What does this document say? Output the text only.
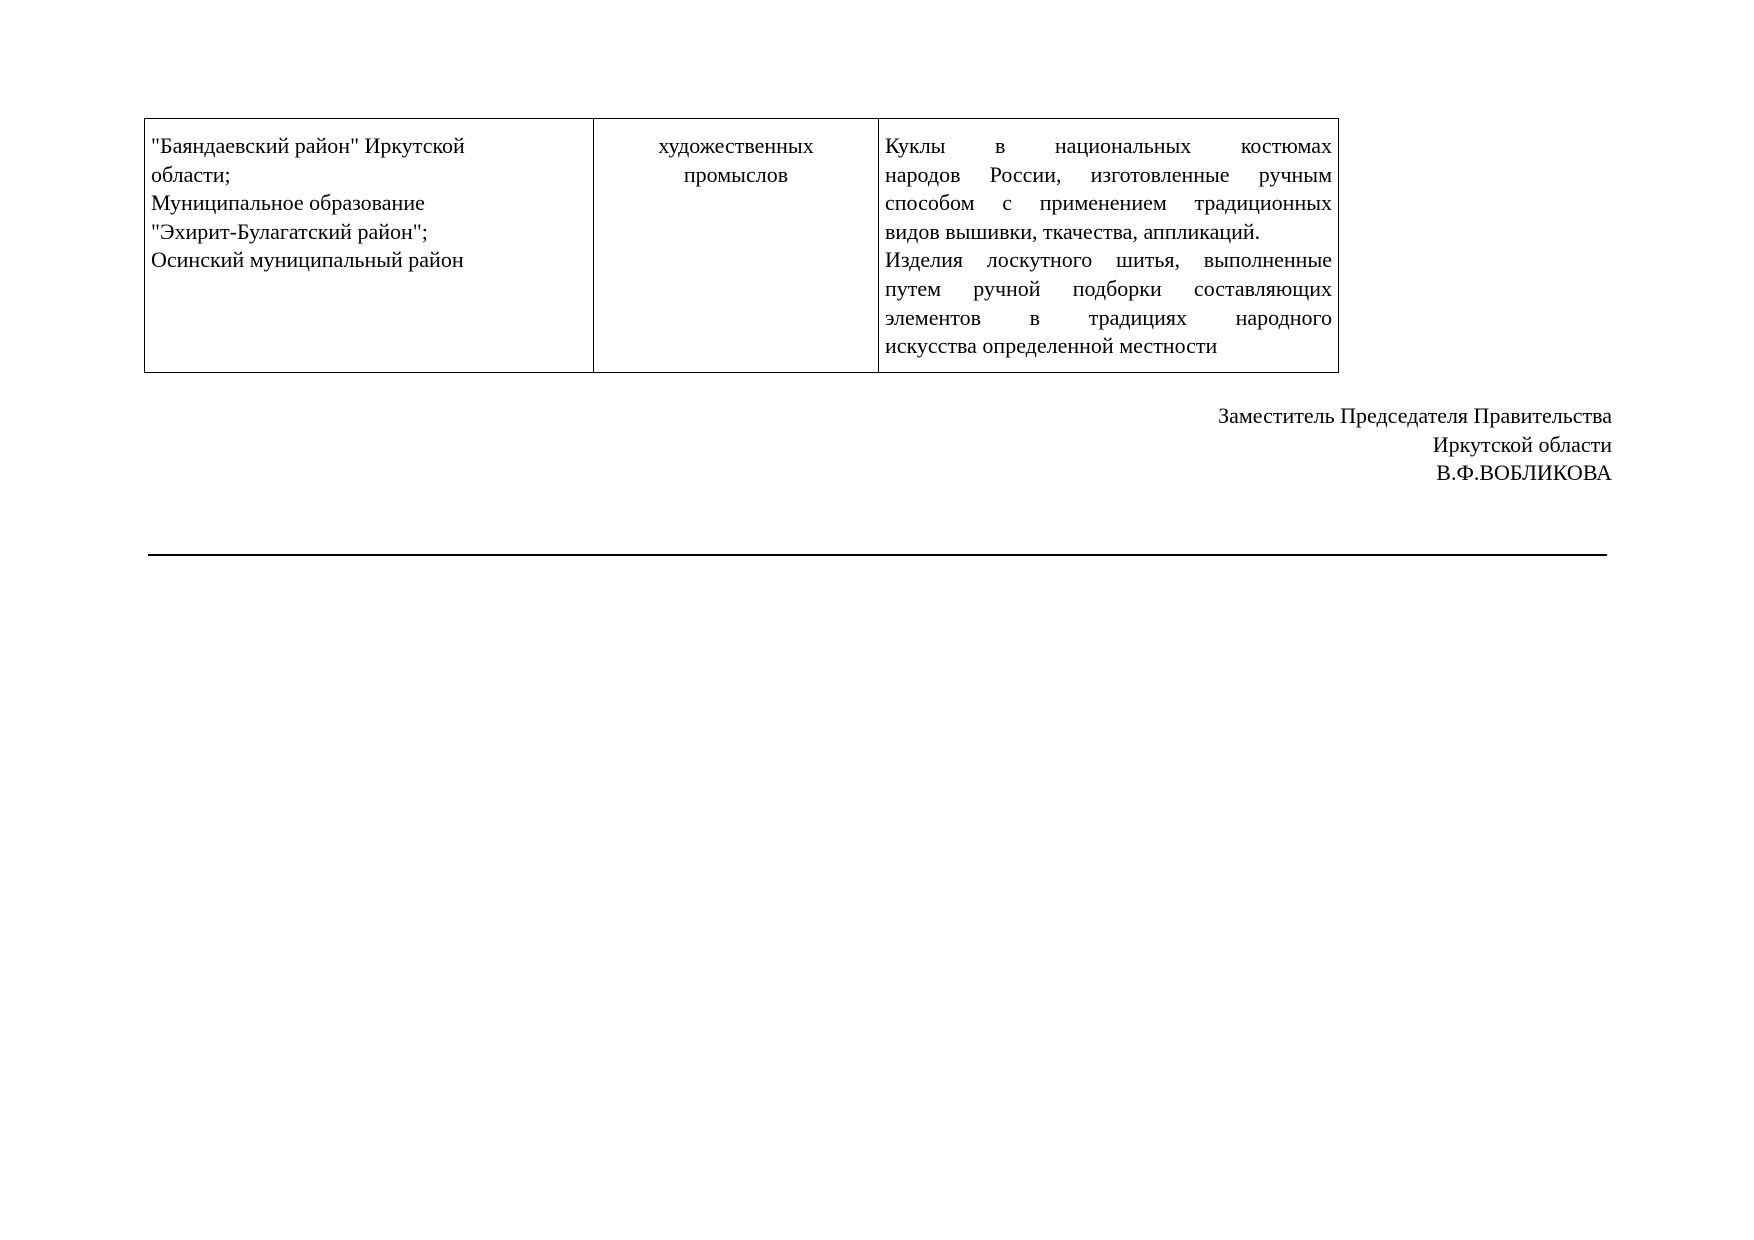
"Баяндаевский район" Иркутской
области;
Муниципальное образование
"Эхирит-Булагатский район";
Осинский муниципальный район

художественных
промыслов

Куклы в национальных костюмах
народов России, изготовленные ручным
способом с применением традиционных
видов вышивки, ткачества, аппликаций.
Изделия лоскутного шитья, выполненные
путем ручной подборки составляющих
элементов в традициях народного
искусства определенной местности
Заместитель Председателя Правительства
Иркутской области
В.Ф.ВОБЛИКОВА
